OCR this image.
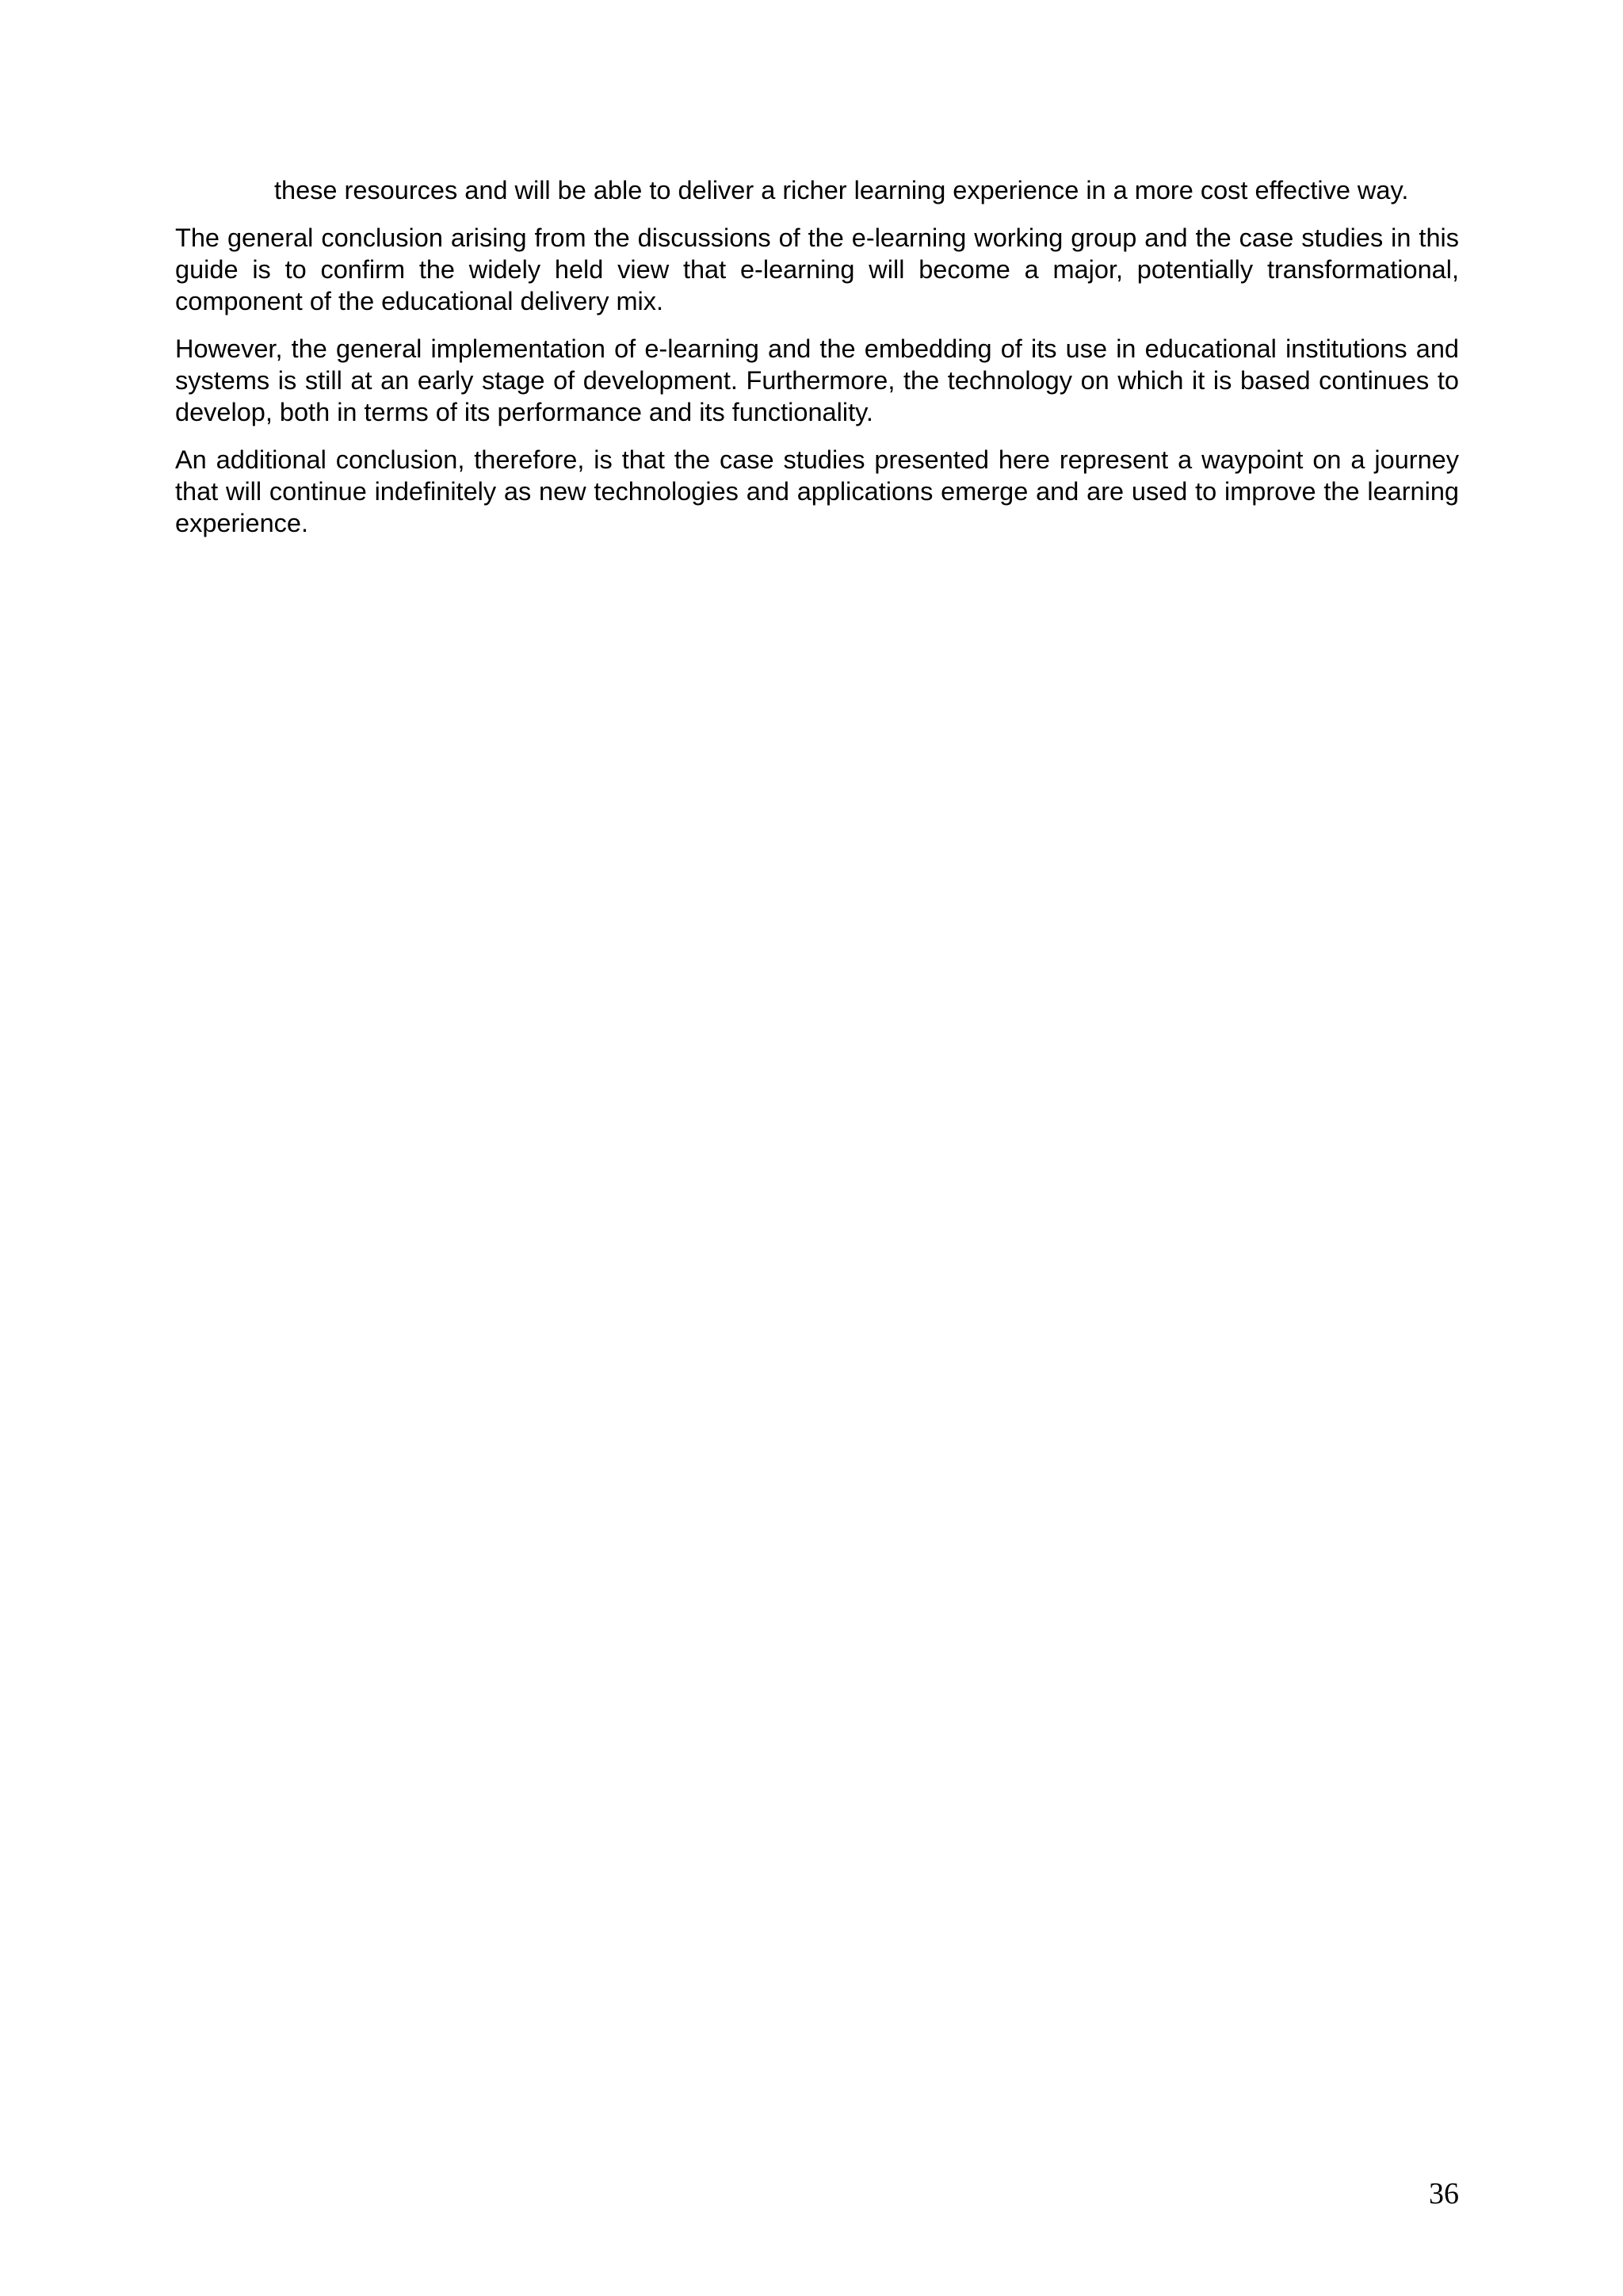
these resources and will be able to deliver a richer learning experience in a more cost effective way.

The general conclusion arising from the discussions of the e-learning working group and the case studies in this guide is to confirm the widely held view that e-learning will become a major, potentially transformational, component of the educational delivery mix.

However, the general implementation of e-learning and the embedding of its use in educational institutions and systems is still at an early stage of development. Furthermore, the technology on which it is based continues to develop, both in terms of its performance and its functionality.

An additional conclusion, therefore, is that the case studies presented here represent a waypoint on a journey that will continue indefinitely as new technologies and applications emerge and are used to improve the learning experience.

36
